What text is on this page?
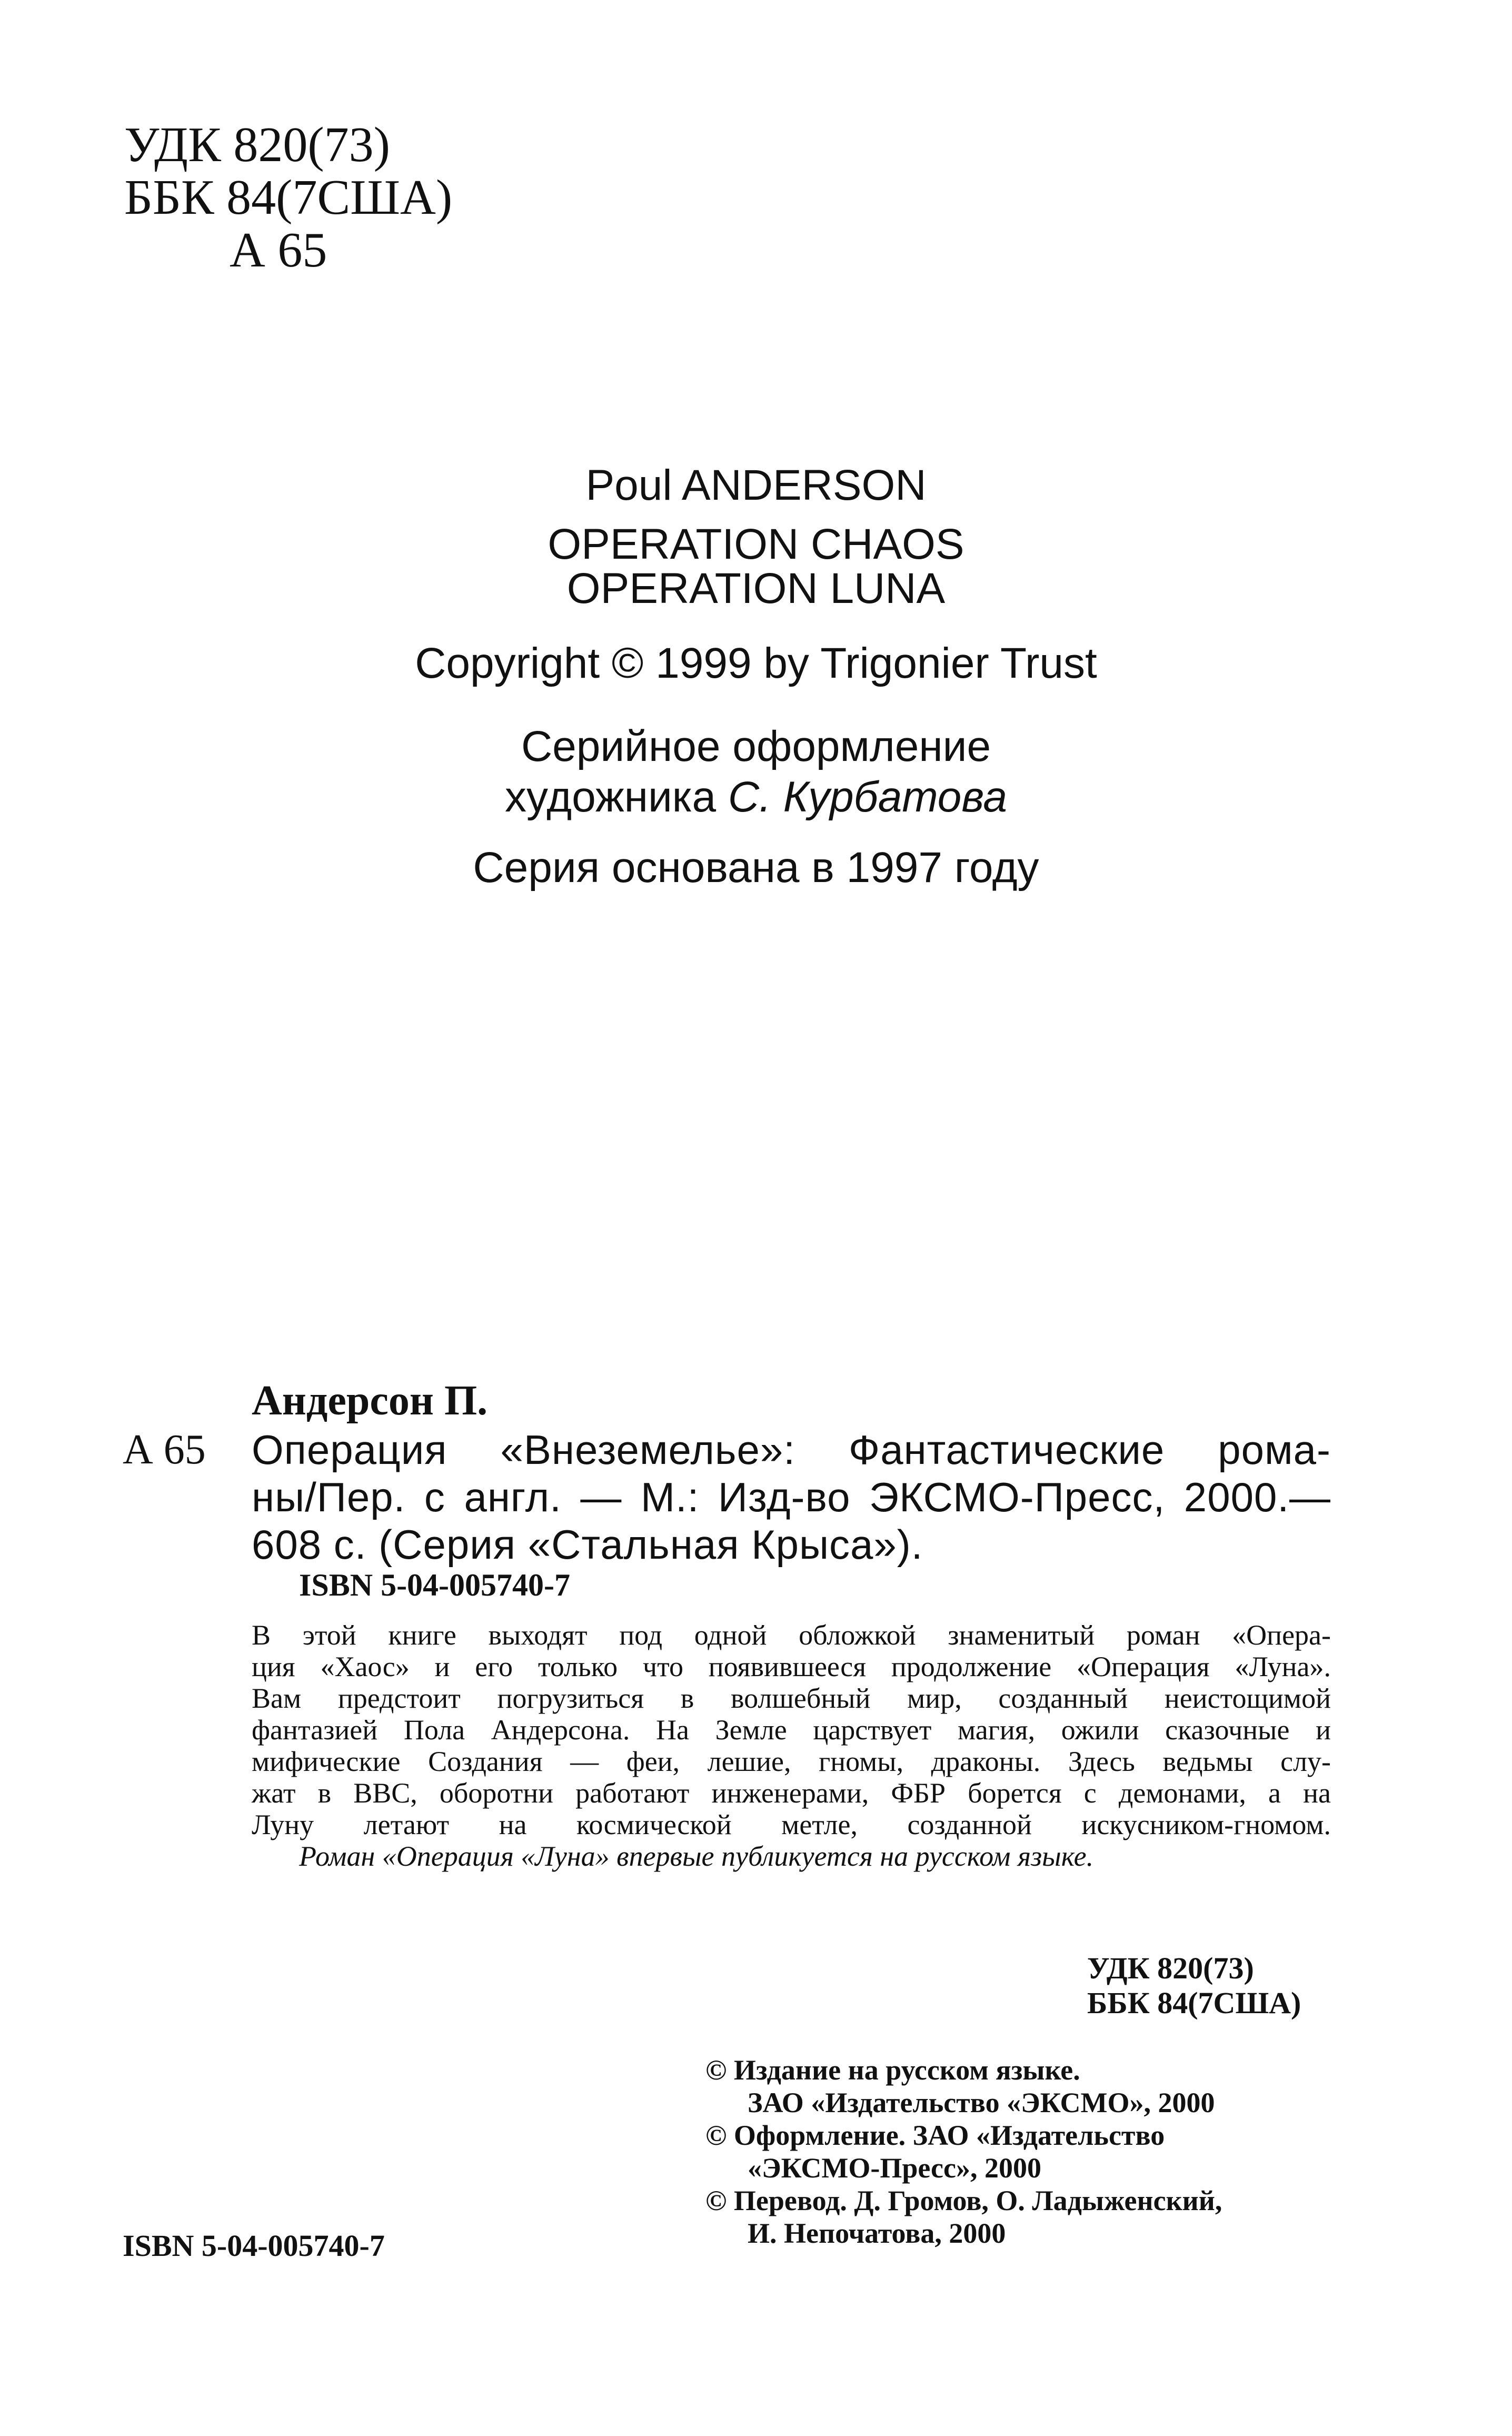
УДК 820(73)
ББК 84(7США)
А 65
Poul ANDERSON
OPERATION CHAOS
OPERATION LUNA
Copyright © 1999 by Trigonier Trust
Серийное оформление
художника С. Курбатова
Серия основана в 1997 году
Андерсон П.
А 65 Операция «Внеземелье»: Фантастические рома-
ны/Пер. с англ. — М.: Изд-во ЭКСМО-Пресс, 2000.—
608 с. (Серия «Стальная Крыса»).
ISBN 5-04-005740-7
В этой книге выходят под одной обложкой знаменитый роман «Опера-
ция «Хаос» и его только что появившееся продолжение «Операция «Луна».
Вам предстоит погрузиться в волшебный мир, созданный неистощимой
фантазией Пола Андерсона. На Земле царствует магия, ожили сказочные и
мифические Создания — феи, лешие, гномы, драконы. Здесь ведьмы слу-
жат в ВВС, оборотни работают инженерами, ФБР борется с демонами, а на
Луну летают на космической метле, созданной искусником-гномом.
Роман «Операция «Луна» впервые публикуется на русском языке.
УДК 820(73)
ББК 84(7США)
© Издание на русском языке.
ЗАО «Издательство «ЭКСМО», 2000
© Оформление. ЗАО «Издательство
«ЭКСМО-Пресс», 2000
© Перевод. Д. Громов, О. Ладыженский,
И. Непочатова, 2000
ISBN 5-04-005740-7
